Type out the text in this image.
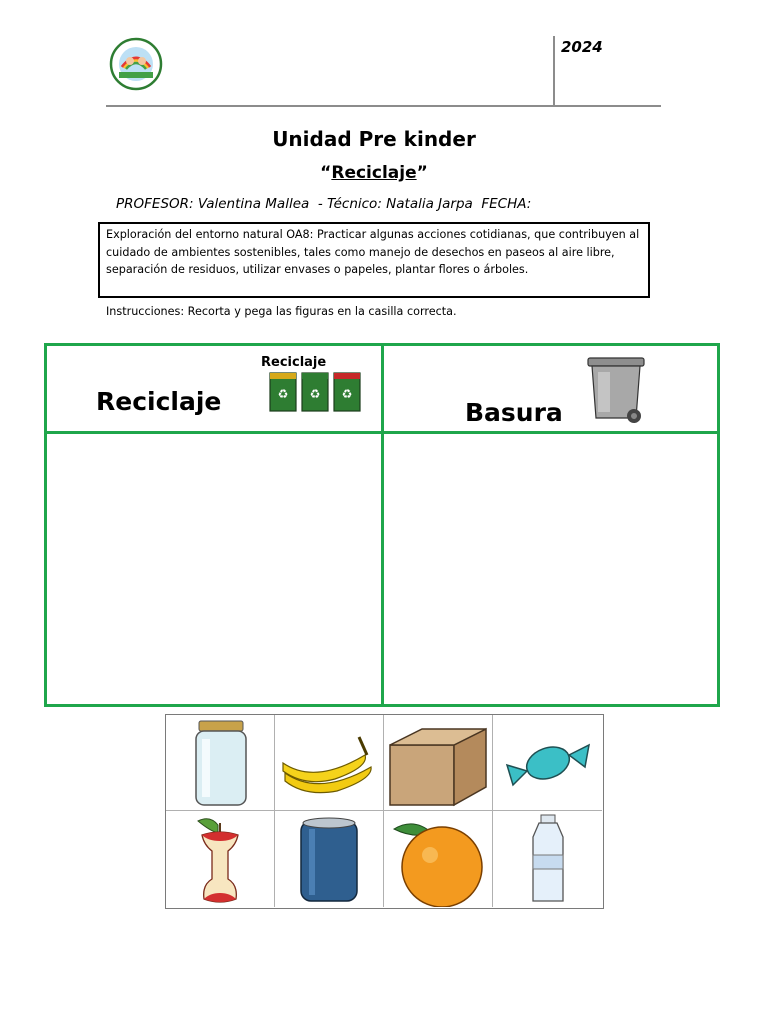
2024
Unidad Pre kinder
“Reciclaje”
PROFESOR: Valentina Mallea  - Técnico: Natalia Jarpa  FECHA:
Exploración del entorno natural OA8: Practicar algunas acciones cotidianas, que contribuyen al cuidado de ambientes sostenibles, tales como manejo de desechos en paseos al aire libre, separación de residuos, utilizar envases o papeles, plantar flores o árboles.
Instrucciones: Recorta y pega las figuras en la casilla correcta.
Reciclaje
Reciclaje
♻ ♻ ♻
Basura
